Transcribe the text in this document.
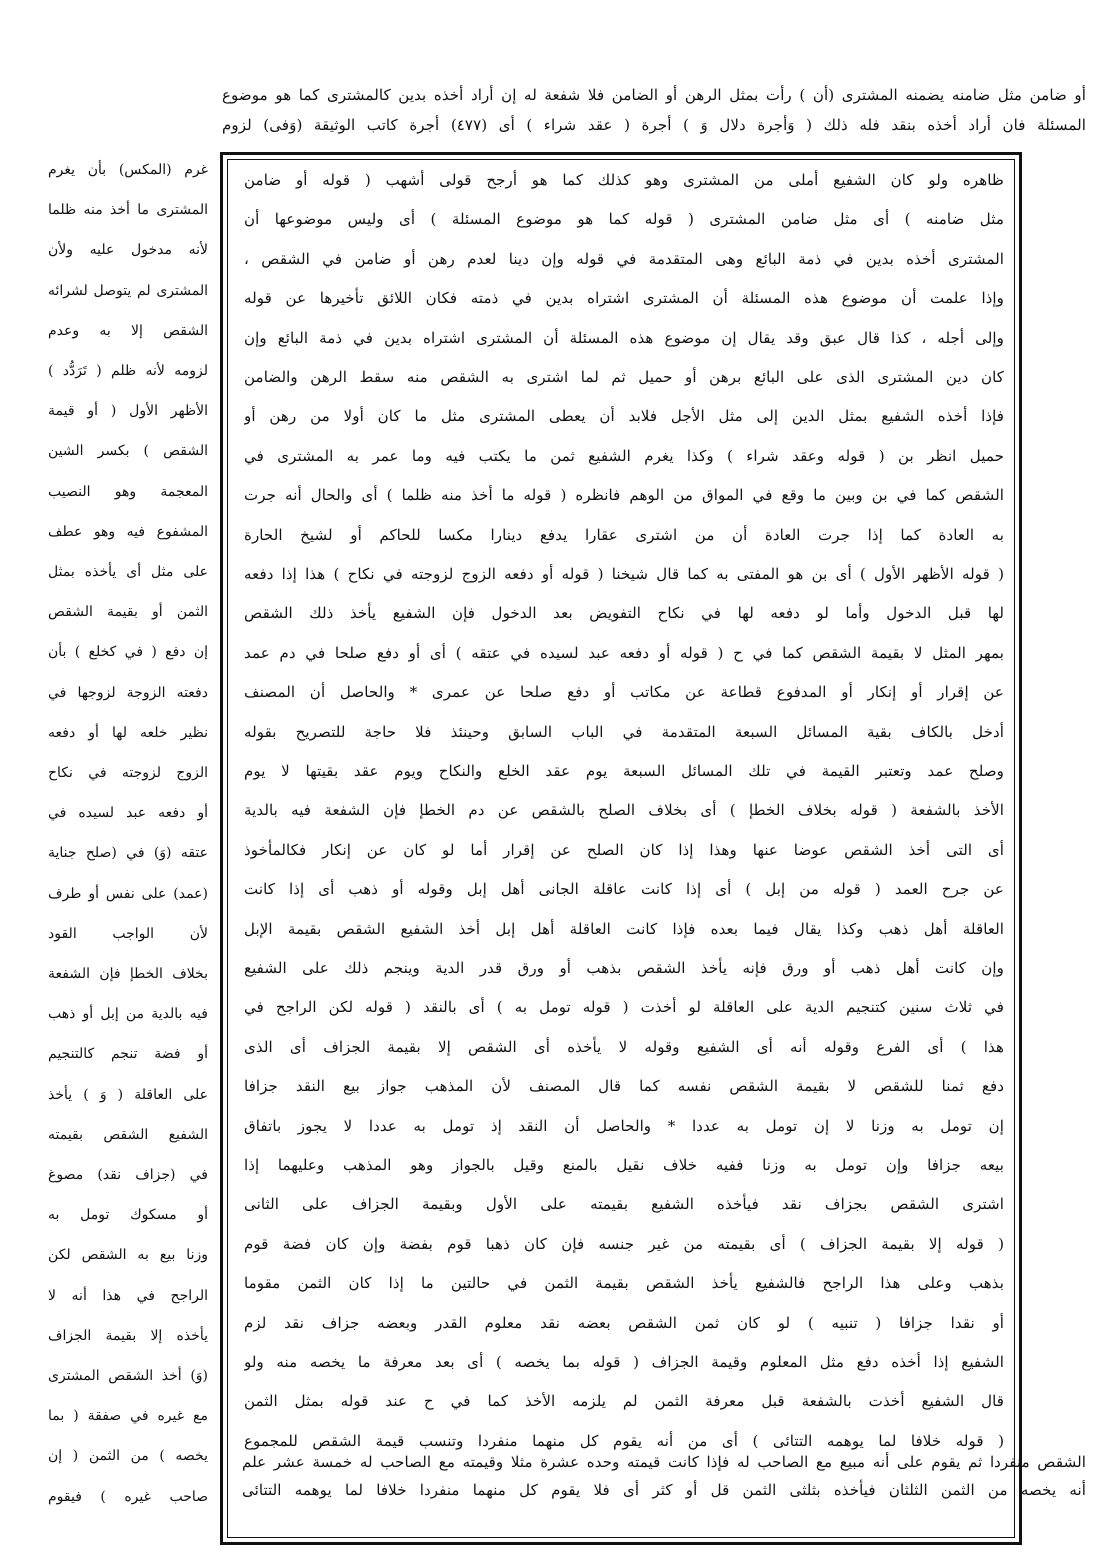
أو ضامن مثل ضامنه يضمنه المشترى (أن ) رأت بمثل الرهن أو الضامن فلا شفعة له إن أراد أخذه بدين كالمشترى كما هو موضوع
المسئلة فان أراد أخذه بنقد فله ذلك ( وَأجرة دلال وَ ) أجرة ( عقد شراء ) أى (٤٧٧) أجرة كاتب الوثيقة (وَفى) لزوم
ظاهره ولو كان الشفيع أملى من المشترى وهو كذلك كما هو أرجح قولى أشهب ( قوله أو ضامن
مثل ضامنه ) أى مثل ضامن المشترى ( قوله كما هو موضوع المسئلة ) أى وليس موضوعها أن
المشترى أخذه بدين في ذمة البائع وهى المتقدمة في قوله وإن دينا لعدم رهن أو ضامن في الشقص ،
وإذا علمت أن موضوع هذه المسئلة أن المشترى اشتراه بدين في ذمته فكان اللائق تأخيرها عن قوله
وإلى أجله ، كذا قال عبق وقد يقال إن موضوع هذه المسئلة أن المشترى اشتراه بدين في ذمة البائع وإن
كان دين المشترى الذى على البائع برهن أو حميل ثم لما اشترى به الشقص منه سقط الرهن والضامن
فإذا أخذه الشفيع بمثل الدين إلى مثل الأجل فلابد أن يعطى المشترى مثل ما كان أولا من رهن أو
حميل انظر بن ( قوله وعقد شراء ) وكذا يغرم الشفيع ثمن ما يكتب فيه وما عمر به المشترى في
الشقص كما في بن وبين ما وقع في المواق من الوهم فانظره ( قوله ما أخذ منه ظلما ) أى والحال أنه جرت
به العادة كما إذا جرت العادة أن من اشترى عقارا يدفع دينارا مكسا للحاكم أو لشيخ الحارة
( قوله الأظهر الأول ) أى بن هو المفتى به كما قال شيخنا ( قوله أو دفعه الزوج لزوجته في نكاح ) هذا إذا دفعه
لها قبل الدخول وأما لو دفعه لها في نكاح التفويض بعد الدخول فإن الشفيع يأخذ ذلك الشقص
بمهر المثل لا بقيمة الشقص كما في ح ( قوله أو دفعه عبد لسيده في عتقه ) أى أو دفع صلحا في دم عمد
عن إقرار أو إنكار أو المدفوع قطاعة عن مكاتب أو دفع صلحا عن عمرى * والحاصل أن المصنف
أدخل بالكاف بقية المسائل السبعة المتقدمة في الباب السابق وحينئذ فلا حاجة للتصريح بقوله
وصلح عمد وتعتبر القيمة في تلك المسائل السبعة يوم عقد الخلع والنكاح ويوم عقد بقيتها لا يوم
الأخذ بالشفعة ( قوله بخلاف الخطإ ) أى بخلاف الصلح بالشقص عن دم الخطإ فإن الشفعة فيه بالدية
أى التى أخذ الشقص عوضا عنها وهذا إذا كان الصلح عن إقرار أما لو كان عن إنكار فكالمأخوذ
عن جرح العمد ( قوله من إبل ) أى إذا كانت عاقلة الجانى أهل إبل وقوله أو ذهب أى إذا كانت
العاقلة أهل ذهب وكذا يقال فيما بعده فإذا كانت العاقلة أهل إبل أخذ الشفيع الشقص بقيمة الإبل
وإن كانت أهل ذهب أو ورق فإنه يأخذ الشقص بذهب أو ورق قدر الدية وينجم ذلك على الشفيع
في ثلاث سنين كتنجيم الدية على العاقلة لو أخذت ( قوله تومل به ) أى بالنقد ( قوله لكن الراجح في
هذا ) أى الفرع وقوله أنه أى الشفيع وقوله لا يأخذه أى الشقص إلا بقيمة الجزاف أى الذى
دفع ثمنا للشقص لا بقيمة الشقص نفسه كما قال المصنف لأن المذهب جواز بيع النقد جزافا
إن تومل به وزنا لا إن تومل به عددا * والحاصل أن النقد إذ تومل به عددا لا يجوز باتفاق
بيعه جزافا وإن تومل به وزنا ففيه خلاف نقيل بالمنع وقيل بالجواز وهو المذهب وعليهما إذا
اشترى الشقص بجزاف نقد فيأخذه الشفيع بقيمته على الأول وبقيمة الجزاف على الثانى
( قوله إلا بقيمة الجزاف ) أى بقيمته من غير جنسه فإن كان ذهبا قوم بفضة وإن كان فضة قوم
بذهب وعلى هذا الراجح فالشفيع يأخذ الشقص بقيمة الثمن في حالتين ما إذا كان الثمن مقوما
أو نقدا جزافا ( تنبيه ) لو كان ثمن الشقص بعضه نقد معلوم القدر وبعضه جزاف نقد لزم
الشفيع إذا أخذه دفع مثل المعلوم وقيمة الجزاف ( قوله بما يخصه ) أى بعد معرفة ما يخصه منه ولو
قال الشفيع أخذت بالشفعة قبل معرفة الثمن لم يلزمه الأخذ كما في ح عند قوله بمثل الثمن
( قوله خلافا لما يوهمه التتائى ) أى من أنه يقوم كل منهما منفردا وتنسب قيمة الشقص للمجموع
غرم (المكس) بأن يغرم
المشترى ما أخذ منه ظلما
لأنه مدخول عليه ولأن
المشترى لم يتوصل لشرائه
الشقص إلا به وعدم
لزومه لأنه ظلم ( تَرَدُّد )
الأظهر الأول ( أو قيمة
الشقص ) بكسر الشين
المعجمة وهو النصيب
المشفوع فيه وهو عطف
على مثل أى يأخذه بمثل
الثمن أو بقيمة الشقص
إن دفع ( في كخلع ) بأن
دفعته الزوجة لزوجها في
نظير خلعه لها أو دفعه
الزوج لزوجته في نكاح
أو دفعه عبد لسيده في
عتقه (وَ) في (صلح جناية
(عمد) على نفس أو طرف
لأن الواجب القود
بخلاف الخطإ فإن الشفعة
فيه بالدية من إبل أو ذهب
أو فضة تنجم كالتنجيم
على العاقلة ( وَ ) يأخذ
الشفيع الشقص بقيمته
في (جزاف نقد) مصوغ
أو مسكوك تومل به
وزنا بيع به الشقص لكن
الراجح في هذا أنه لا
يأخذه إلا بقيمة الجزاف
(وَ) أخذ الشقص المشترى
مع غيره في صفقة ( بما
يخصه ) من الثمن ( إن
صاحب غيره ) فيقوم
الشقص منفردا ثم يقوم على أنه مبيع مع الصاحب له فإذا كانت قيمته وحده عشرة مثلا وقيمته مع الصاحب له خمسة عشر علم
أنه يخصه من الثمن الثلثان فيأخذه بثلثى الثمن قل أو كثر أى فلا يقوم كل منهما منفردا خلافا لما يوهمه التتائى
